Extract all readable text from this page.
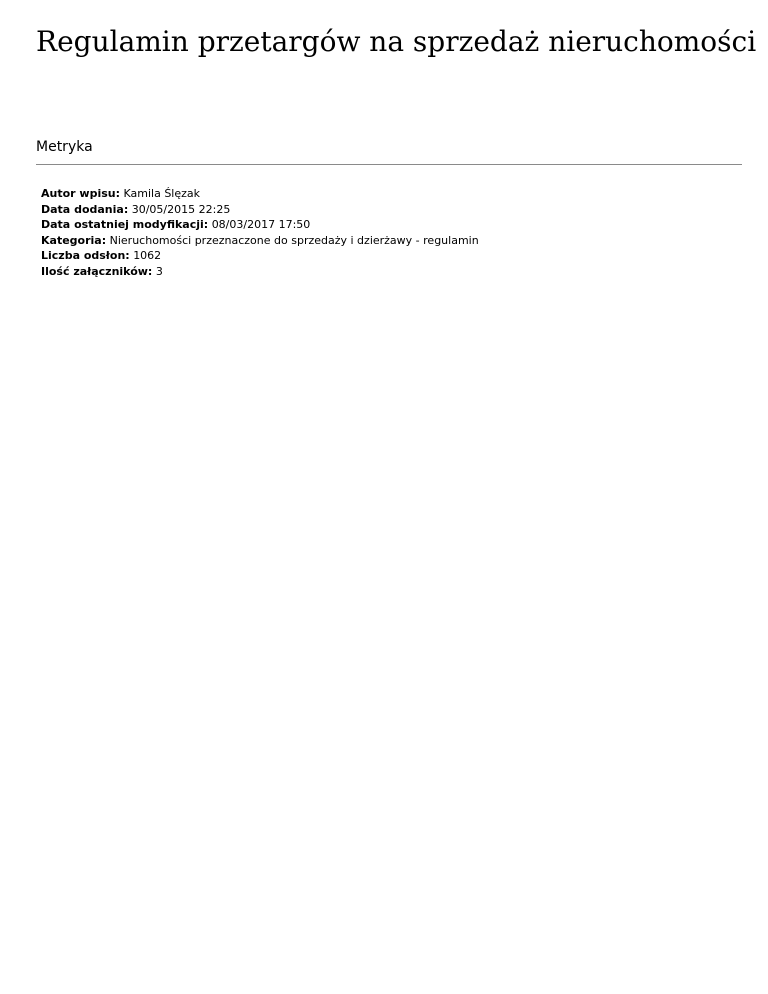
Regulamin przetargów na sprzedaż nieruchomości
Metryka
Autor wpisu: Kamila Ślęzak
Data dodania: 30/05/2015 22:25
Data ostatniej modyfikacji: 08/03/2017 17:50
Kategoria: Nieruchomości przeznaczone do sprzedaży i dzierżawy - regulamin
Liczba odsłon: 1062
Ilość załączników: 3
